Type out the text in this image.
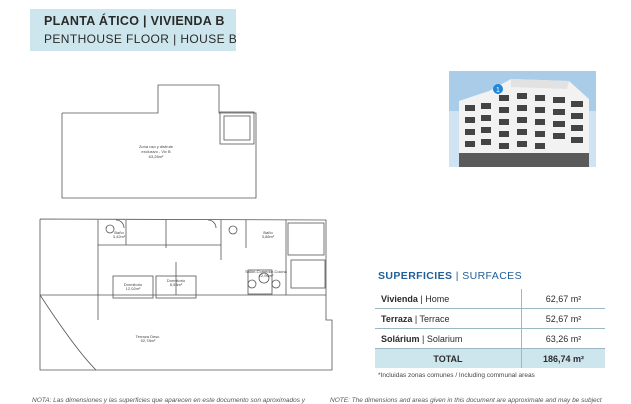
PLANTA ÁTICO | VIVIENDA B
PENTHOUSE FLOOR | HOUSE B
Zona uso y disfrute
exclusivo - Viv B
63,26m²
Baño
3,42m²
Baño
3,86m²
Dormitorio
12,02m²
Dormitorio
8,53m²
Salón-Comedor-Cocina
22,96m²
Terraza Desc.
52,78m²
1
SUPERFICIES | SURFACES
Vivienda | Home	62,67 m²
Terraza | Terrace	52,67 m²
Solárium | Solarium	63,26 m²
TOTAL	186,74 m²
*Incluidas zonas comunes / Including communal areas
NOTA: Las dimensiones y las superficies que aparecen en este documento son aproximados y	NOTE: The dimensions and areas given in this document are approximate and may be subject
